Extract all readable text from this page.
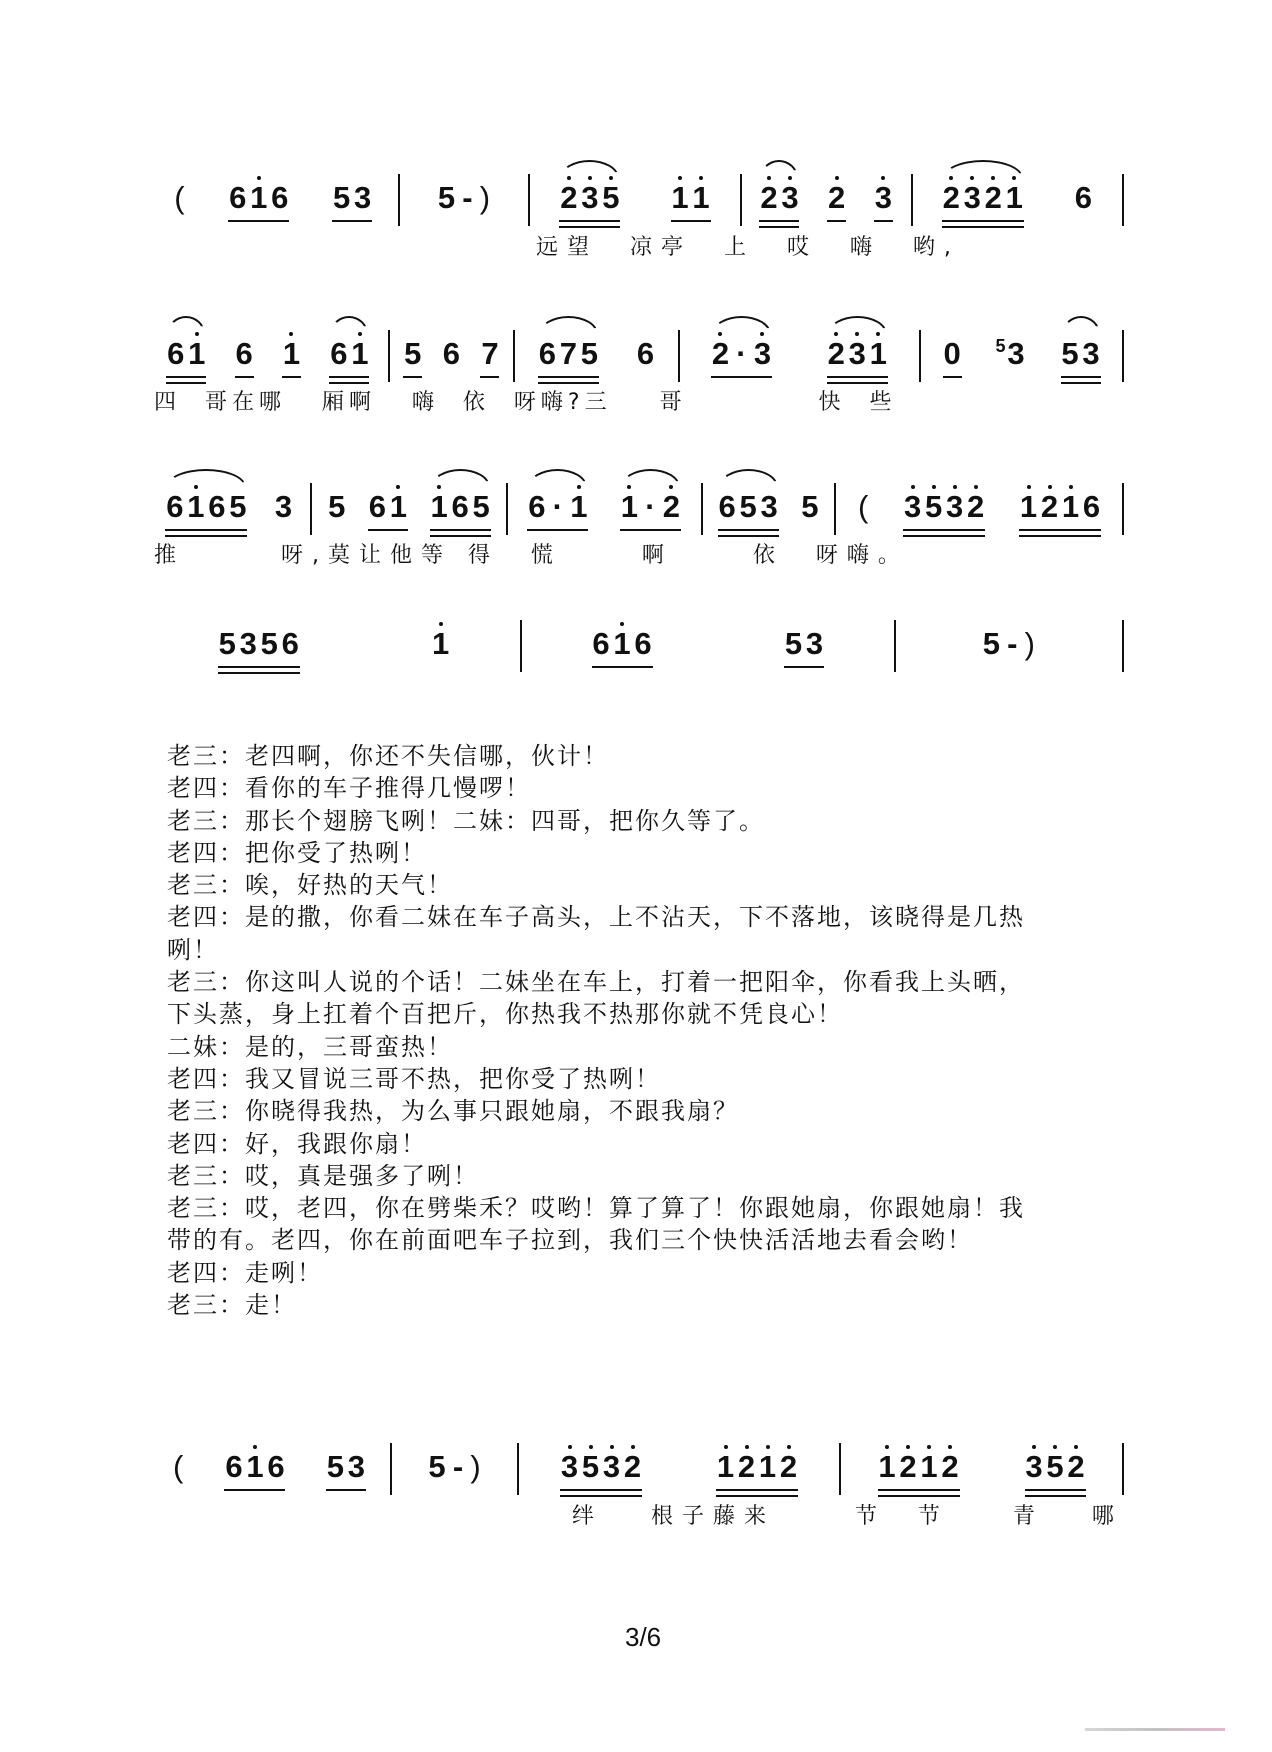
( 6 1 6 5 3 5 - ) 2 3 5 1 1 2 3 2 3 2 3 2 1 6
远望  凉亭  上  哎  嗨  哟,
6 1 6 1 6 1 5 6 7 6 7 5 6 2 · 3 2 3 1 0 5 3 5 3
四  哥在哪   厢啊   嗨  依  呀嗨?三    哥           快  些
6 1 6 5 3 5 6 1 1 6 5 6 · 1 1 · 2 6 5 3 5 ( 3 5 3 2 1 2 1 6
推      呀,莫让他等 得  慌     啊     依  呀嗨。
5 3 5 6	1	6 1 6	5 3	5 - )
老三：老四啊，你还不失信哪，伙计！
老四：看你的车子推得几慢啰！
老三：那长个翅膀飞咧！二妹：四哥，把你久等了。
老四：把你受了热咧！
老三：唉，好热的天气！
老四：是的撒，你看二妹在车子高头，上不沾天，下不落地，该晓得是几热
咧！
老三：你这叫人说的个话！二妹坐在车上，打着一把阳伞，你看我上头晒，
下头蒸，身上扛着个百把斤，你热我不热那你就不凭良心！
二妹：是的，三哥蛮热！
老四：我又冒说三哥不热，把你受了热咧！
老三：你晓得我热，为么事只跟她扇，不跟我扇？
老四：好，我跟你扇！
老三：哎，真是强多了咧！
老三：哎，老四，你在劈柴禾？哎哟！算了算了！你跟她扇，你跟她扇！我
带的有。老四，你在前面吧车子拉到，我们三个快快活活地去看会哟！
老四：走咧！
老三：走！
( 6 1 6 5 3 5 - )	3 5 3 2 1 2 1 2	1 2 1 2 3 5 2
绊   根子藤来     节  节    青   哪
3/6
